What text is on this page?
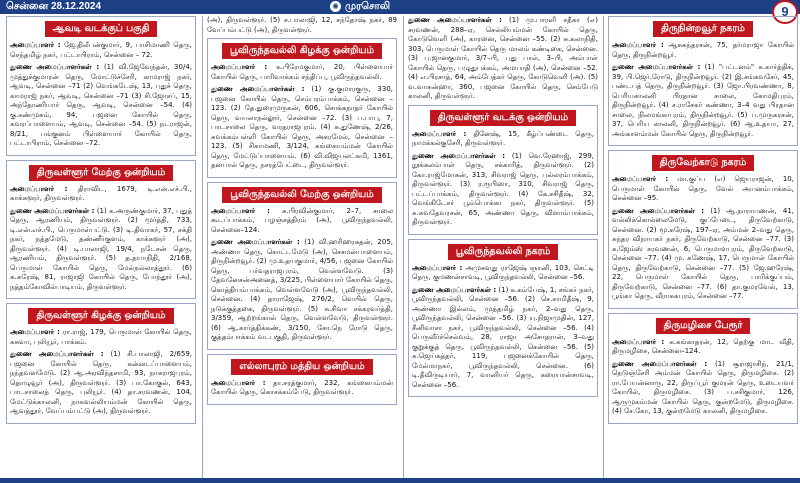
சென்னை 28.12.2024	✺ முரசொலி	9
ஆவடி வடக்குப் பகுதி

அமைப்பாளர் : ஜே.திலீபன்குமார், 9, பாசிமாணி தெரு, செந்தமிழ் நகர், பட்டாபிராம், சென்னை – 72.

துணை அமைப்பாளர்கள் : (1) வி.ஜேவேந்தன், 30/4, முத்துக்குமாரன் தெரு, மோட்டுச்சேரி, காமராஜ் நகர், ஆவடி, சென்னை –71 (2) வெங்கடேஷ், 13, புதுச் தெரு, காமராஜ் நகர், ஆவடி, சென்னை –71 (3) சி.ஜோசப், 15, அந்தோணியார் தெரு, ஆவடி, சென்னை –54. (4) கு.சண்முகம், 94, பஜனை கோயில் தெரு, கவரப்பாளையம், ஆவடி, சென்னை –54. (5) நடராஜன், 8/21, பங்குனம் பிள்ளையார் கோயில் தெரு, பட்டாபிராம், சென்னை –72.

திருவள்ளூர் மேற்கு ஒன்றியம்

அமைப்பாளர் : திராவிட, 1679, டி.என்.எச்.பி., காக்களூர், திருவள்ளூர்.

துணை அமைப்பாளர்கள் : (1) க.அருண்குமார், 37, புதுத் தெரு, ஆரணியம், திருவள்ளூர். (2) மூர்த்தி, 733, டி.என்.எச்.பி., பெருமாள்பட்டு. (3) டி.திவாகர், 57, சக்தி நகர், நத்தமேடு, தண்ணீர்குளம், காக்களூர் (அ), திருவள்ளூர். (4) டி.பாலாஜி, 19/4, நடேசன் தெரு, ஆரணியம், திருவள்ளூர். (5) த.தயாநிதி, 2/168, பெருமாள் கோயில் தெரு, மேல்நல்லாத்தூர். (6) சு.சுரேஷ், 81, ராஜாஜி கோயில் தெரு, போந்தூர் (அ), நத்தம்கோவில்பாடியம், திருவள்ளூர்.

திருவள்ளூர் கிழக்கு ஒன்றியம்

அமைப்பாளர் : ரா.ராஜ், 179, பெருமாள் கோயில் தெரு, கசுவா, புலியூர், பாக்கம்.

துணை அமைப்பாளர்கள் : (1) சி.பாலாஜி, 2/659, பஜனை கோயில் தெரு, கன்னடப்பாளையம், நந்தவனமேடு. (2) ஆ.அரவிந்தசாமி, 93, நாகராஜபுரம், தொழுவூர் (அ), திருவள்ளூர். (3) பா.கோகுல், 643, பாடசாலைத் தெரு, புலியூர். (4) தா.சரவணன், 104, மேட்டுக்காலனி, நாகவல்லியம்மன் கோயில் தெரு, ஆவத்தூர், வேப்பம்பட்டு (அ), திருவள்ளூர்.

(அ), திருவள்ளூர். (5) ச.பாலாஜி, 12, சந்தோஷ் நகர், 89 வேப்பம்பட்டு (அ), திருவள்ளூர்.

பூவிருந்தவல்லி கிழக்கு ஒன்றியம்

அமைப்பாளர் : க.பிரேமகுமார், 20, பிள்ளையார் கோயில் தெரு, பாரிவாக்கம் சந்திப்பு, பூவிருந்தவல்லி.

துணை அமைப்பாளர்கள் : (1) கு.குமாரகுரு, 330, பஜனை கோயில் தெரு, செம்பரம்பாக்கம், சென்னை –123. (2) தே.துரைமுருகன், 606, சொக்கநாதர் கோயில் தெரு, வயலாநல்லூர், சென்னை –72. (3) ப.பாபு, 7, பாடசாலை தெரு, வரதராஜபுரம். (4) சு.துணேஷ், 2/26, சுவக்கம்பள்ளி கோயில் தெரு, அகரமேல், சென்னை –123. (5) சிகாமணி, 3/124, கங்கையம்மன் கோயில் தெரு, மேட்டுப்பாளையம். (6) வி.விஜயலட்சுமி, 1361, தனபால் தெரு, நசரத்பேட்டை, திருவள்ளூர்.

பூவிருந்தவல்லி மேற்கு ஒன்றியம்

அமைப்பாளர் : சு.பிரவின்குமார், 2–7, சாலை கூடப்பாக்கம், பழஞ்சத்திரம் (அ), பூவிருந்தவல்லி, சென்னை–124.

துணை அமைப்பாளர்கள் : (1) வி.ஹரிஹரசுதன், 205, அண்ணா தெரு, கொட்டமேடு (அ), செசமன்பாளையம், திருநின்றவூர். (2) மு.உதயகுமார், 4/56, பஜனை கோயில் தெரு, பர்வதராஜபுரம், வெள்ளவேடு. (3) தேவனேசன்அனைத், 3/225, பிள்ளையார் கோயில் தெரு, கொத்தியம்பாக்கம், வெள்ளவேடு (அ), பூவிருந்தவல்லி, சென்னை. (4) தாராஜேஷ், 276/2, வெயில் தெரு, நடுக்குத்தகை, திருவள்ளூர். (5) சு.சிவா சக்கரவர்த்தி, 3/359, ஆற்றங்கால் தெரு, வெள்ளவேடு, திருவள்ளூர். (6) ஆ.கார்த்திக்கண், 3/150, சோ.நெ ரோடு தெரு, குத்தம்பாக்கம் வடபகுதி, திருவள்ளூர்.

எல்லாபுரம் மத்திய ஒன்றியம்

அமைப்பாளர் : தா.சரத்குமார், 232, கங்கையம்மன் கோயில் தெரு, கொசக்கம்பேடு, திருவள்ளூர்.

துணை அமைப்பாளர்கள் : (1) மு.பாரளி சதீகா (எ) சரவணன், 288–ஏ, செல்லியம்மன் கோயில் தெரு, கோடுவெளி (அ), காரனை, சென்னை –55. (2) சு.கலாநிதி, 303, பெருமாள் கோயில் தெரு மாலம் கண்டிகை, சென்னை. (3) பு.ஜானகுமார், 3/7–பி, புது பால், 3–பி, அம்பாள் கோயில் தெரு, பழுதுபக்கம், அமயாதி (அ), சென்னை –52. (4) எ.பிரசாத், 64, அம்பேத்கர் தெரு, கோடுவெளி (அ). (5) வ.வாசுன்ஹா, 360, பஜனை கோயில் தெரு, செம்பேடு காலனி, திருவள்ளூர்.

திருவள்ளூர் வடக்கு ஒன்றியம்

அமைப்பாளர் : தினேஷ், 15, கீழ்ப்பண்டை தெரு, நாமக்கல்குசேரி, திருவள்ளூர்.

துணை அமைப்பாளர்கள் : (1) வெ.ரேஹாஜ், 299, நூக்கலம்பாள் தெரு, சக்காரித், திருவள்ளூர். (2) கோ.ராஜ்மோகன், 313, சிவராஜ் தெரு, புல்லரம்பாக்கம், திருவள்ளூர். (3) ர.ரூபிஸா, 310, சிவராஜ் தெரு, பட்டப்பாக்கம், திருவள்ளூர். (4) கே.சசிதீஷ், 32, வெங்கிடேசர் பூம்பொக்கா நகர், திருவள்ளூர். (5) சு.சுவதேவரசன், 65, அண்ணா தெரு, விளாம்பாக்கம், திருவள்ளூர்.

பூவிருந்தவல்லி நகரம்

அமைப்பாளர் : அமுசவது ராஜேஷ் ஞானி, 103, செட்டி தெரு, குமணன்சாவடி, பூவிருந்தவல்லி, சென்னை –56.

துணை அமைப்பாளர்கள் : (1) க.கம்பேஷ், 1, சங்கர் நகர், பூவிருந்தவல்லி, சென்னை –56. (2) செ.சாமிதீஷ், 9, அண்ணா இல்லம், முத்தமிழ் நகர், 2–வது தெரு, பூவிருந்தவல்லி, சென்னை –56. (3) யு.நிஜாமுதின், 127, சீனிவாசா நகர், பூவிருந்தவல்லி, சென்னை –56. (4) பெருவீர்ச்செல்வம், 28, ராஜா அசோதரான், 3–வது குறுக்குத் தெரு, பூவிருந்தவல்லி, சென்னை –56. (5) சு.ஜெய்கத்தர், 119, பஜனைக்கோயில் தெரு, மேல்மாநகர், பூவிருந்தவல்லி, சென்னை. (6) டி.தீவிருடியார், 7, வானியர் தெரு, கரையான்சாவடி, சென்னை –56.

திருநின்றவூர் நகரம்

அமைப்பாளர் : ஆசுசுந்தரசன், 75, தர்மராஜா கோயில் தெரு, திருநின்றவூர்.

துணை அமைப்பாளர்கள் : (1) "பட்டனம்" சு.கார்த்திக், 39, பி.ஜெர்.ரோடு, திருநின்றவூர். (2) இ.சங்கவசேர், 45, பண்டபத் தெரு, திருநின்றவூர். (3) ஜோ.பிரவண்ணா, 8, பெரியகாலனி பிரதான சாலை, கோமதிபுரம், திருநின்றவூர். (4) ச.ராசேகர் கண்ணா, 3–4 வது பிரதான சாலை, நிலமங்காபுரம், திருநின்றவூர். (5) ப.முருகரசன், 37, பெரிய காலனி, திருநின்றவூர். (6) ஆ.உதயா, 27, அங்காளம்மன் கோயில் தெரு, திருநின்றவூர்.

திருவேற்காடு நகரம்

அமைப்பாளர் : மா.குப்ப (எ) ஜெயராஜன், 10, பெருமாள் கோயில் தெரு, வேல் அயனம்பாக்கம், சென்னை –95.

துணை அமைப்பாளர்கள் : (1) ஆ.நாராயணன், 41, வல்லிக்கொல்லைமேடு, குப்பேடை, திருவேற்காடு, சென்னை. (2) மூ.சுரேஷ், 197–ஏ, அம்மன் 2–வது தெரு, சுந்தர விநாயகர் நகர், திருவேற்காடு, சென்னை –77. (3) க.ஜேம்ஸ் சரவணன், 6, பெருமாளபுரம், திருவேற்காடு, சென்னை –77. (4) மு. சுணேஷ், 17, பெருமாள் கோயில் தெரு, திருவேற்காடு, சென்னை –77. (5) ஜே.ஹரேஷ், 22, பெருமாள் கோயில் தெரு, பாரிக்குப்பம், திருவேற்காடு, சென்னை –77. (6) தா.குமரவேல், 13, பூங்கா தெரு, வீராசுகபுரம், சென்னை –77.

திருமழிசை பேரூர்

அமைப்பாளர் : க.கங்காதரன், 12, தெற்கு மாட வீதி, திருமழிசை, சென்னை–124.

துணை அமைப்பாளர்கள் : (1) சூராஜாசிந், 21/1, நெடுஞ்சேரி அம்மன் கோயில் தெரு, திருமழிசை. (2) ரா.பேயன்னாரு, 22, திருப்பூர் குமரன் தெரு, உடையவர் கோயில், திருமழிசை. (3) ப.சசிகுமார், 126, ஆருமுகம்மன் கோயில் தெரு, குன்றமேடு, திருமழிசை. (4) சே.கோ, 13, குன்றமேடு காலனி, திருமழிசை.
